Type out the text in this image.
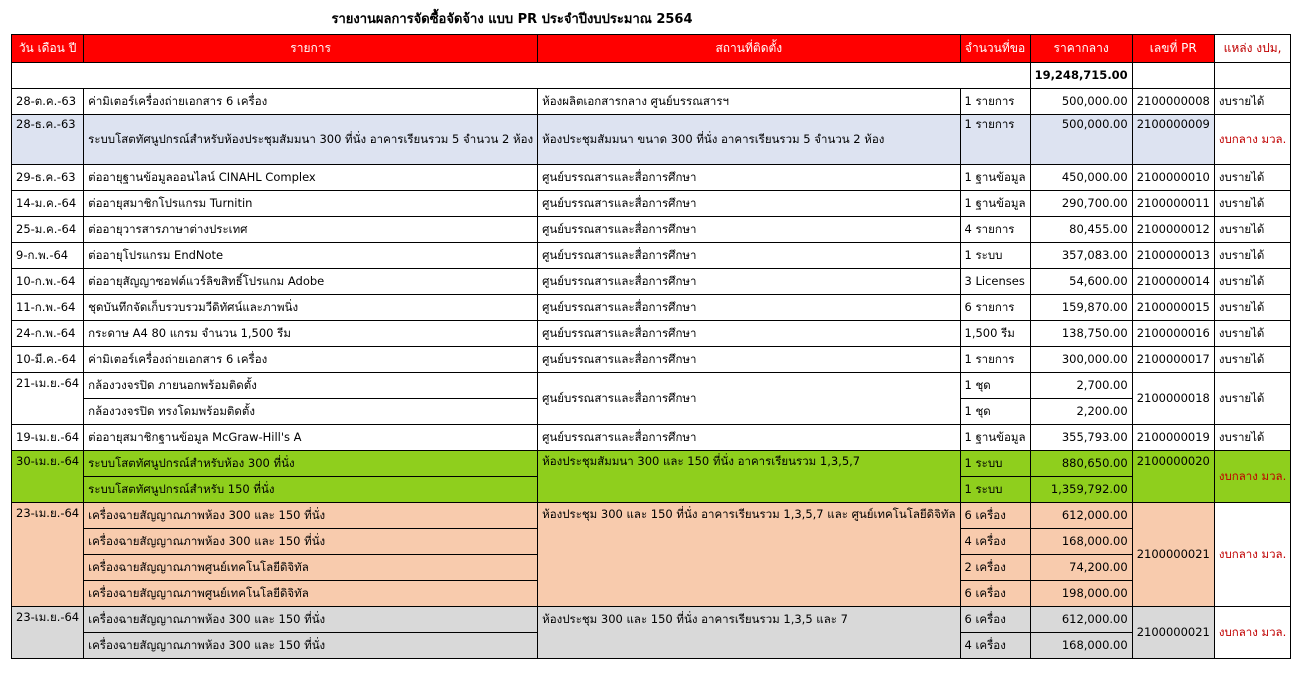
รายงานผลการจัดซื้อจัดจ้าง แบบ PR ประจำปีงบประมาณ 2564
วัน เดือน ปี	รายการ	สถานที่ติดตั้ง	จำนวนที่ขอ	ราคากลาง	เลขที่ PR	แหล่ง งปม,
				19,248,715.00		
28-ต.ค.-63	ค่ามิเตอร์เครื่องถ่ายเอกสาร 6 เครื่อง	ห้องผลิตเอกสารกลาง ศูนย์บรรณสารฯ	1 รายการ	500,000.00	2100000008	งบรายได้
28-ธ.ค.-63	ระบบโสตทัศนูปกรณ์สำหรับห้องประชุมสัมมนา 300 ที่นั่ง อาคารเรียนรวม 5 จำนวน 2 ห้อง	ห้องประชุมสัมมนา ขนาด 300 ที่นั่ง อาคารเรียนรวม 5 จำนวน 2 ห้อง	1 รายการ	500,000.00	2100000009	งบกลาง มวล.
29-ธ.ค.-63	ต่ออายุฐานข้อมูลออนไลน์ CINAHL Complex	ศูนย์บรรณสารและสื่อการศึกษา	1 ฐานข้อมูล	450,000.00	2100000010	งบรายได้
14-ม.ค.-64	ต่ออายุสมาชิกโปรแกรม Turnitin	ศูนย์บรรณสารและสื่อการศึกษา	1 ฐานข้อมูล	290,700.00	2100000011	งบรายได้
25-ม.ค.-64	ต่ออายุวารสารภาษาต่างประเทศ	ศูนย์บรรณสารและสื่อการศึกษา	4 รายการ	80,455.00	2100000012	งบรายได้
9-ก.พ.-64	ต่ออายุโปรแกรม EndNote	ศูนย์บรรณสารและสื่อการศึกษา	1 ระบบ	357,083.00	2100000013	งบรายได้
10-ก.พ.-64	ต่ออายุสัญญาซอฟต์แวร์ลิขสิทธิ์โปรแกม Adobe	ศูนย์บรรณสารและสื่อการศึกษา	3 Licenses	54,600.00	2100000014	งบรายได้
11-ก.พ.-64	ชุดบันทึกจัดเก็บรวบรวมวีดิทัศน์และภาพนิ่ง	ศูนย์บรรณสารและสื่อการศึกษา	6 รายการ	159,870.00	2100000015	งบรายได้
24-ก.พ.-64	กระดาษ A4 80 แกรม จำนวน 1,500 รีม	ศูนย์บรรณสารและสื่อการศึกษา	1,500 รีม	138,750.00	2100000016	งบรายได้
10-มี.ค.-64	ค่ามิเตอร์เครื่องถ่ายเอกสาร 6 เครื่อง	ศูนย์บรรณสารและสื่อการศึกษา	1 รายการ	300,000.00	2100000017	งบรายได้
21-เม.ย.-64	กล้องวงจรปิด ภายนอกพร้อมติดตั้ง	ศูนย์บรรณสารและสื่อการศึกษา	1 ชุด	2,700.00	2100000018	งบรายได้
	กล้องวงจรปิด ทรงโดมพร้อมติดตั้ง		1 ชุด	2,200.00		
19-เม.ย.-64	ต่ออายุสมาชิกฐานข้อมูล McGraw-Hill's A	ศูนย์บรรณสารและสื่อการศึกษา	1 ฐานข้อมูล	355,793.00	2100000019	งบรายได้
30-เม.ย.-64	ระบบโสตทัศนูปกรณ์สำหรับห้อง 300 ที่นั่ง	ห้องประชุมสัมมนา 300 และ 150 ที่นั่ง อาคารเรียนรวม 1,3,5,7	1 ระบบ	880,650.00	2100000020	งบกลาง มวล.
	ระบบโสตทัศนูปกรณ์สำหรับ 150 ที่นั่ง		1 ระบบ	1,359,792.00		
23-เม.ย.-64	เครื่องฉายสัญญาณภาพห้อง 300 และ 150 ที่นั่ง	ห้องประชุม 300 และ 150 ที่นั่ง อาคารเรียนรวม 1,3,5,7 และ ศูนย์เทคโนโลยีดิจิทัล	6 เครื่อง	612,000.00	2100000021	งบกลาง มวล.
	เครื่องฉายสัญญาณภาพห้อง 300 และ 150 ที่นั่ง		4 เครื่อง	168,000.00		
	เครื่องฉายสัญญาณภาพศูนย์เทคโนโลยีดิจิทัล		2 เครื่อง	74,200.00		
	เครื่องฉายสัญญาณภาพศูนย์เทคโนโลยีดิจิทัล		6 เครื่อง	198,000.00		
23-เม.ย.-64	เครื่องฉายสัญญาณภาพห้อง 300 และ 150 ที่นั่ง	ห้องประชุม 300 และ 150 ที่นั่ง อาคารเรียนรวม 1,3,5 และ 7	6 เครื่อง	612,000.00	2100000021	งบกลาง มวล.
	เครื่องฉายสัญญาณภาพห้อง 300 และ 150 ที่นั่ง		4 เครื่อง	168,000.00		
